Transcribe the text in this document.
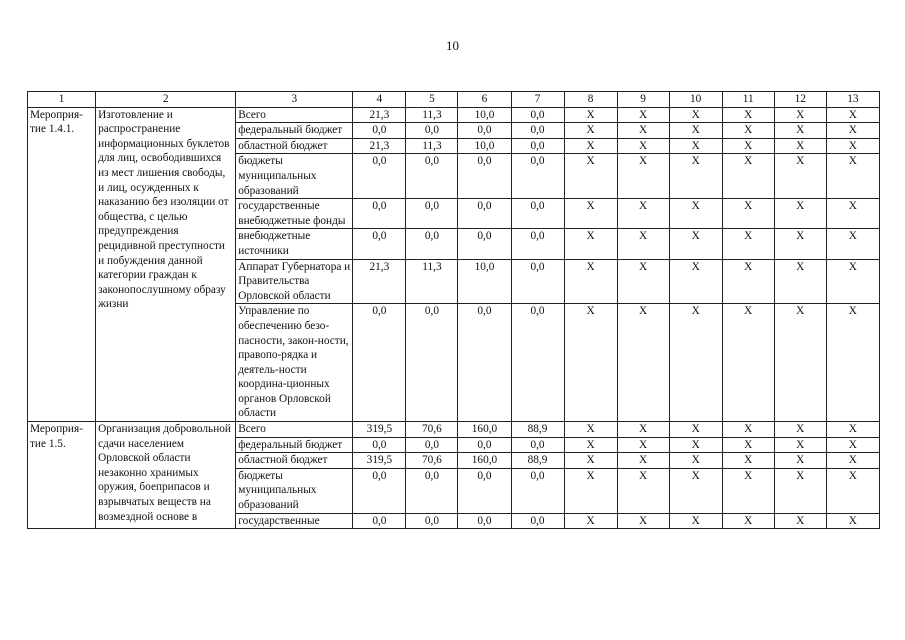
10
1	2	3	4	5	6	7	8	9	10	11	12	13
Мероприя-тие 1.4.1.	Изготовление и распространение информационных буклетов для лиц, освободившихся из мест лишения свободы, и лиц, осужденных к наказанию без изоляции от общества, с целью предупреждения рецидивной преступности и побуждения данной категории граждан к законопослушному образу жизни	Всего	21,3	11,3	10,0	0,0	X	X	X	X	X	X
		федеральный бюджет	0,0	0,0	0,0	0,0	X	X	X	X	X	X
		областной бюджет	21,3	11,3	10,0	0,0	X	X	X	X	X	X
		бюджеты муниципальных образований	0,0	0,0	0,0	0,0	X	X	X	X	X	X
		государственные внебюджетные фонды	0,0	0,0	0,0	0,0	X	X	X	X	X	X
		внебюджетные источники	0,0	0,0	0,0	0,0	X	X	X	X	X	X
		Аппарат Губернатора и Правительства Орловской области	21,3	11,3	10,0	0,0	X	X	X	X	X	X
		Управление по обеспечению безо-пасности, закон-ности, правопо-рядка и деятель-ности координа-ционных органов Орловской области	0,0	0,0	0,0	0,0	X	X	X	X	X	X
Мероприя-тие 1.5.	Организация добровольной сдачи населением Орловской области незаконно хранимых оружия, боеприпасов и взрывчатых веществ на возмездной основе в	Всего	319,5	70,6	160,0	88,9	X	X	X	X	X	X
		федеральный бюджет	0,0	0,0	0,0	0,0	X	X	X	X	X	X
		областной бюджет	319,5	70,6	160,0	88,9	X	X	X	X	X	X
		бюджеты муниципальных образований	0,0	0,0	0,0	0,0	X	X	X	X	X	X
		государственные	0,0	0,0	0,0	0,0	X	X	X	X	X	X
